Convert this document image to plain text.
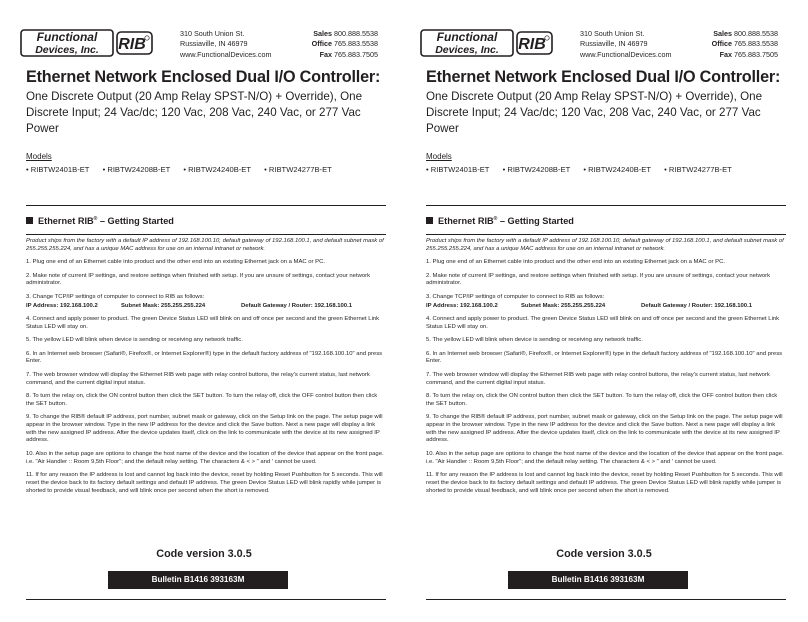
Functional
Devices, Inc. RIB
310 South Union St.
Russiaville, IN 46979
www.FunctionalDevices.com
Sales 800.888.5538
Office 765.883.5538
Fax 765.883.7505
Ethernet Network Enclosed Dual I/O Controller:
One Discrete Output (20 Amp Relay SPST-N/O) + Override), One Discrete Input; 24 Vac/dc; 120 Vac, 208 Vac, 240 Vac, or 277 Vac Power
Models
• RIBTW2401B-ET • RIBTW24208B-ET • RIBTW24240B-ET • RIBTW24277B-ET
Ethernet RIB® – Getting Started

Product ships from the factory with a default IP address of 192.168.100.10, default gateway of 192.168.100.1, and default subnet mask of 255.255.255.224, and has a unique MAC address for use on an internal intranet or network.

1. Plug one end of an Ethernet cable into product and the other end into an existing Ethernet jack on a MAC or PC.

2. Make note of current IP settings, and restore settings when finished with setup. If you are unsure of settings, contact your network administrator.

3. Change TCP/IP settings of computer to connect to RIB as follows:

IP Address: 192.168.100.2	Subnet Mask: 255.255.255.224	Default Gateway / Router: 192.168.100.1

4. Connect and apply power to product. The green Device Status LED will blink on and off once per second and the green Ethernet Link Status LED will stay on.

5. The yellow LED will blink when device is sending or receiving any network traffic.

6. In an Internet web browser (Safari®, Firefox®, or Internet Explorer®) type in the default factory address of "192.168.100.10" and press Enter.

7. The web browser window will display the Ethernet RIB web page with relay control buttons, the relay's current status, last network command, and the current digital input status.

8. To turn the relay on, click the ON control button then click the SET button. To turn the relay off, click the OFF control button then click the SET button.

9. To change the RIB® default IP address, port number, subnet mask or gateway, click on the Setup link on the page. The setup page will appear in the browser window. Type in the new IP address for the device and click the Save button. Next a new page will display a link with the new assigned IP address. After the device updates itself, click on the link to communicate with the device at its new assigned IP address.

10. Also in the setup page are options to change the host name of the device and the location of the device that appear on the front page. i.e. "Air Handler :: Room 9,5th Floor"; and the default relay setting. The characters & < > " and ' cannot be used.

11. If for any reason the IP address is lost and cannot log back into the device, reset by holding Reset Pushbutton for 5 seconds. This will reset the device back to its factory default settings and default IP address. The green Device Status LED will blink rapidly while jumper is shorted to provide visual feedback, and will blink once per second when the short is removed.

Code version 3.0.5
Bulletin B1416 393163M
Functional
Devices, Inc. RIB
310 South Union St.
Russiaville, IN 46979
www.FunctionalDevices.com
Sales 800.888.5538
Office 765.883.5538
Fax 765.883.7505
Ethernet Network Enclosed Dual I/O Controller:
One Discrete Output (20 Amp Relay SPST-N/O) + Override), One Discrete Input; 24 Vac/dc; 120 Vac, 208 Vac, 240 Vac, or 277 Vac Power
Models
• RIBTW2401B-ET • RIBTW24208B-ET • RIBTW24240B-ET • RIBTW24277B-ET
Ethernet RIB® – Getting Started

Product ships from the factory with a default IP address of 192.168.100.10, default gateway of 192.168.100.1, and default subnet mask of 255.255.255.224, and has a unique MAC address for use on an internal intranet or network.

1. Plug one end of an Ethernet cable into product and the other end into an existing Ethernet jack on a MAC or PC.

2. Make note of current IP settings, and restore settings when finished with setup. If you are unsure of settings, contact your network administrator.

3. Change TCP/IP settings of computer to connect to RIB as follows:

IP Address: 192.168.100.2	Subnet Mask: 255.255.255.224	Default Gateway / Router: 192.168.100.1

4. Connect and apply power to product. The green Device Status LED will blink on and off once per second and the green Ethernet Link Status LED will stay on.

5. The yellow LED will blink when device is sending or receiving any network traffic.

6. In an Internet web browser (Safari®, Firefox®, or Internet Explorer®) type in the default factory address of "192.168.100.10" and press Enter.

7. The web browser window will display the Ethernet RIB web page with relay control buttons, the relay's current status, last network command, and the current digital input status.

8. To turn the relay on, click the ON control button then click the SET button. To turn the relay off, click the OFF control button then click the SET button.

9. To change the RIB® default IP address, port number, subnet mask or gateway, click on the Setup link on the page. The setup page will appear in the browser window. Type in the new IP address for the device and click the Save button. Next a new page will display a link with the new assigned IP address. After the device updates itself, click on the link to communicate with the device at its new assigned IP address.

10. Also in the setup page are options to change the host name of the device and the location of the device that appear on the front page. i.e. "Air Handler :: Room 9,5th Floor"; and the default relay setting. The characters & < > " and ' cannot be used.

11. If for any reason the IP address is lost and cannot log back into the device, reset by holding Reset Pushbutton for 5 seconds. This will reset the device back to its factory default settings and default IP address. The green Device Status LED will blink rapidly while jumper is shorted to provide visual feedback, and will blink once per second when the short is removed.

Code version 3.0.5
Bulletin B1416 393163M
